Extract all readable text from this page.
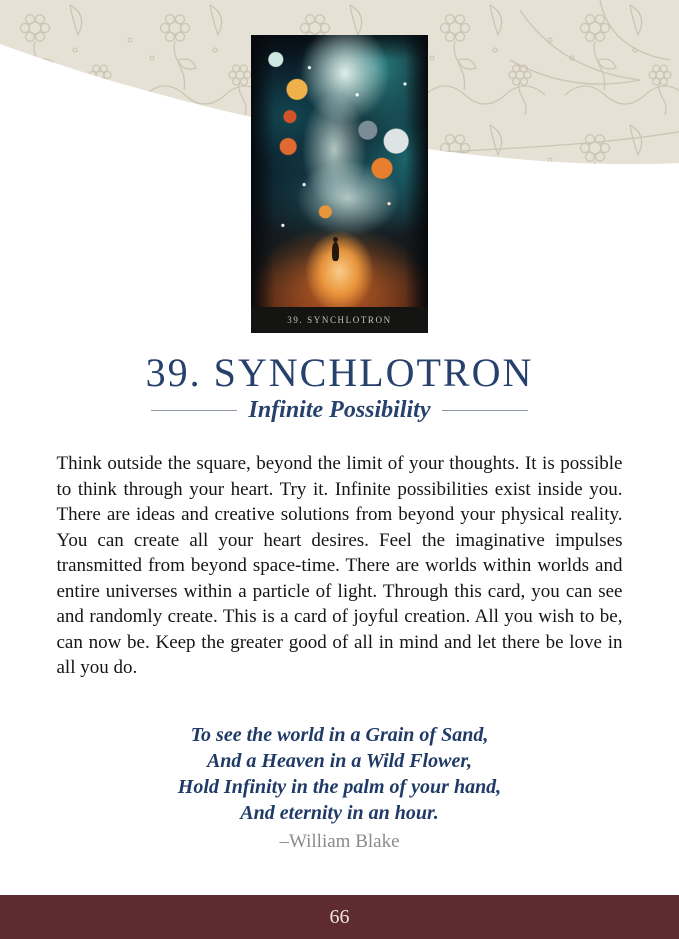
39. SYNCHLOTRON
39. SYNCHLOTRON
Infinite Possibility

Think outside the square, beyond the limit of your thoughts. It is possible to think through your heart. Try it. Infinite possibilities exist inside you. There are ideas and creative solutions from beyond your physical reality. You can create all your heart desires. Feel the imaginative impulses transmitted from beyond space-time. There are worlds within worlds and entire universes within a particle of light. Through this card, you can see and randomly create. This is a card of joyful creation. All you wish to be, can now be. Keep the greater good of all in mind and let there be love in all you do.

To see the world in a Grain of Sand,
And a Heaven in a Wild Flower,
Hold Infinity in the palm of your hand,
And eternity in an hour.
–William Blake
66
